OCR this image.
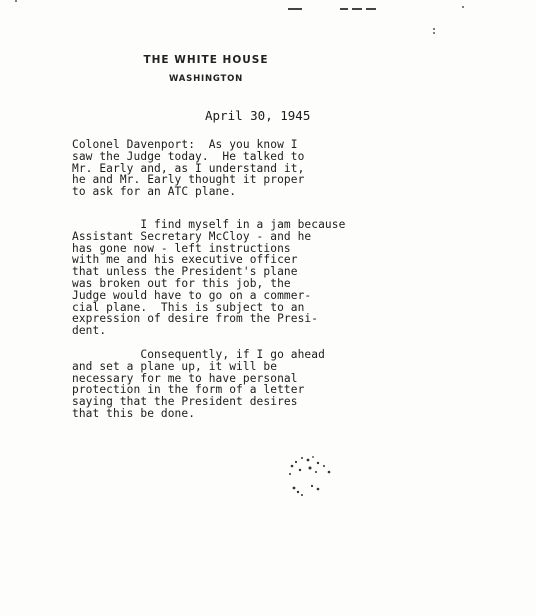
THE WHITE HOUSE
WASHINGTON
April 30, 1945

Colonel Davenport:  As you know I
saw the Judge today.  He talked to
Mr. Early and, as I understand it,
he and Mr. Early thought it proper
to ask for an ATC plane.

I find myself in a jam because
Assistant Secretary McCloy - and he
has gone now - left instructions
with me and his executive officer
that unless the President's plane
was broken out for this job, the
Judge would have to go on a commer-
cial plane.  This is subject to an
expression of desire from the Presi-
dent.

Consequently, if I go ahead
and set a plane up, it will be
necessary for me to have personal
protection in the form of a letter
saying that the President desires
that this be done.
